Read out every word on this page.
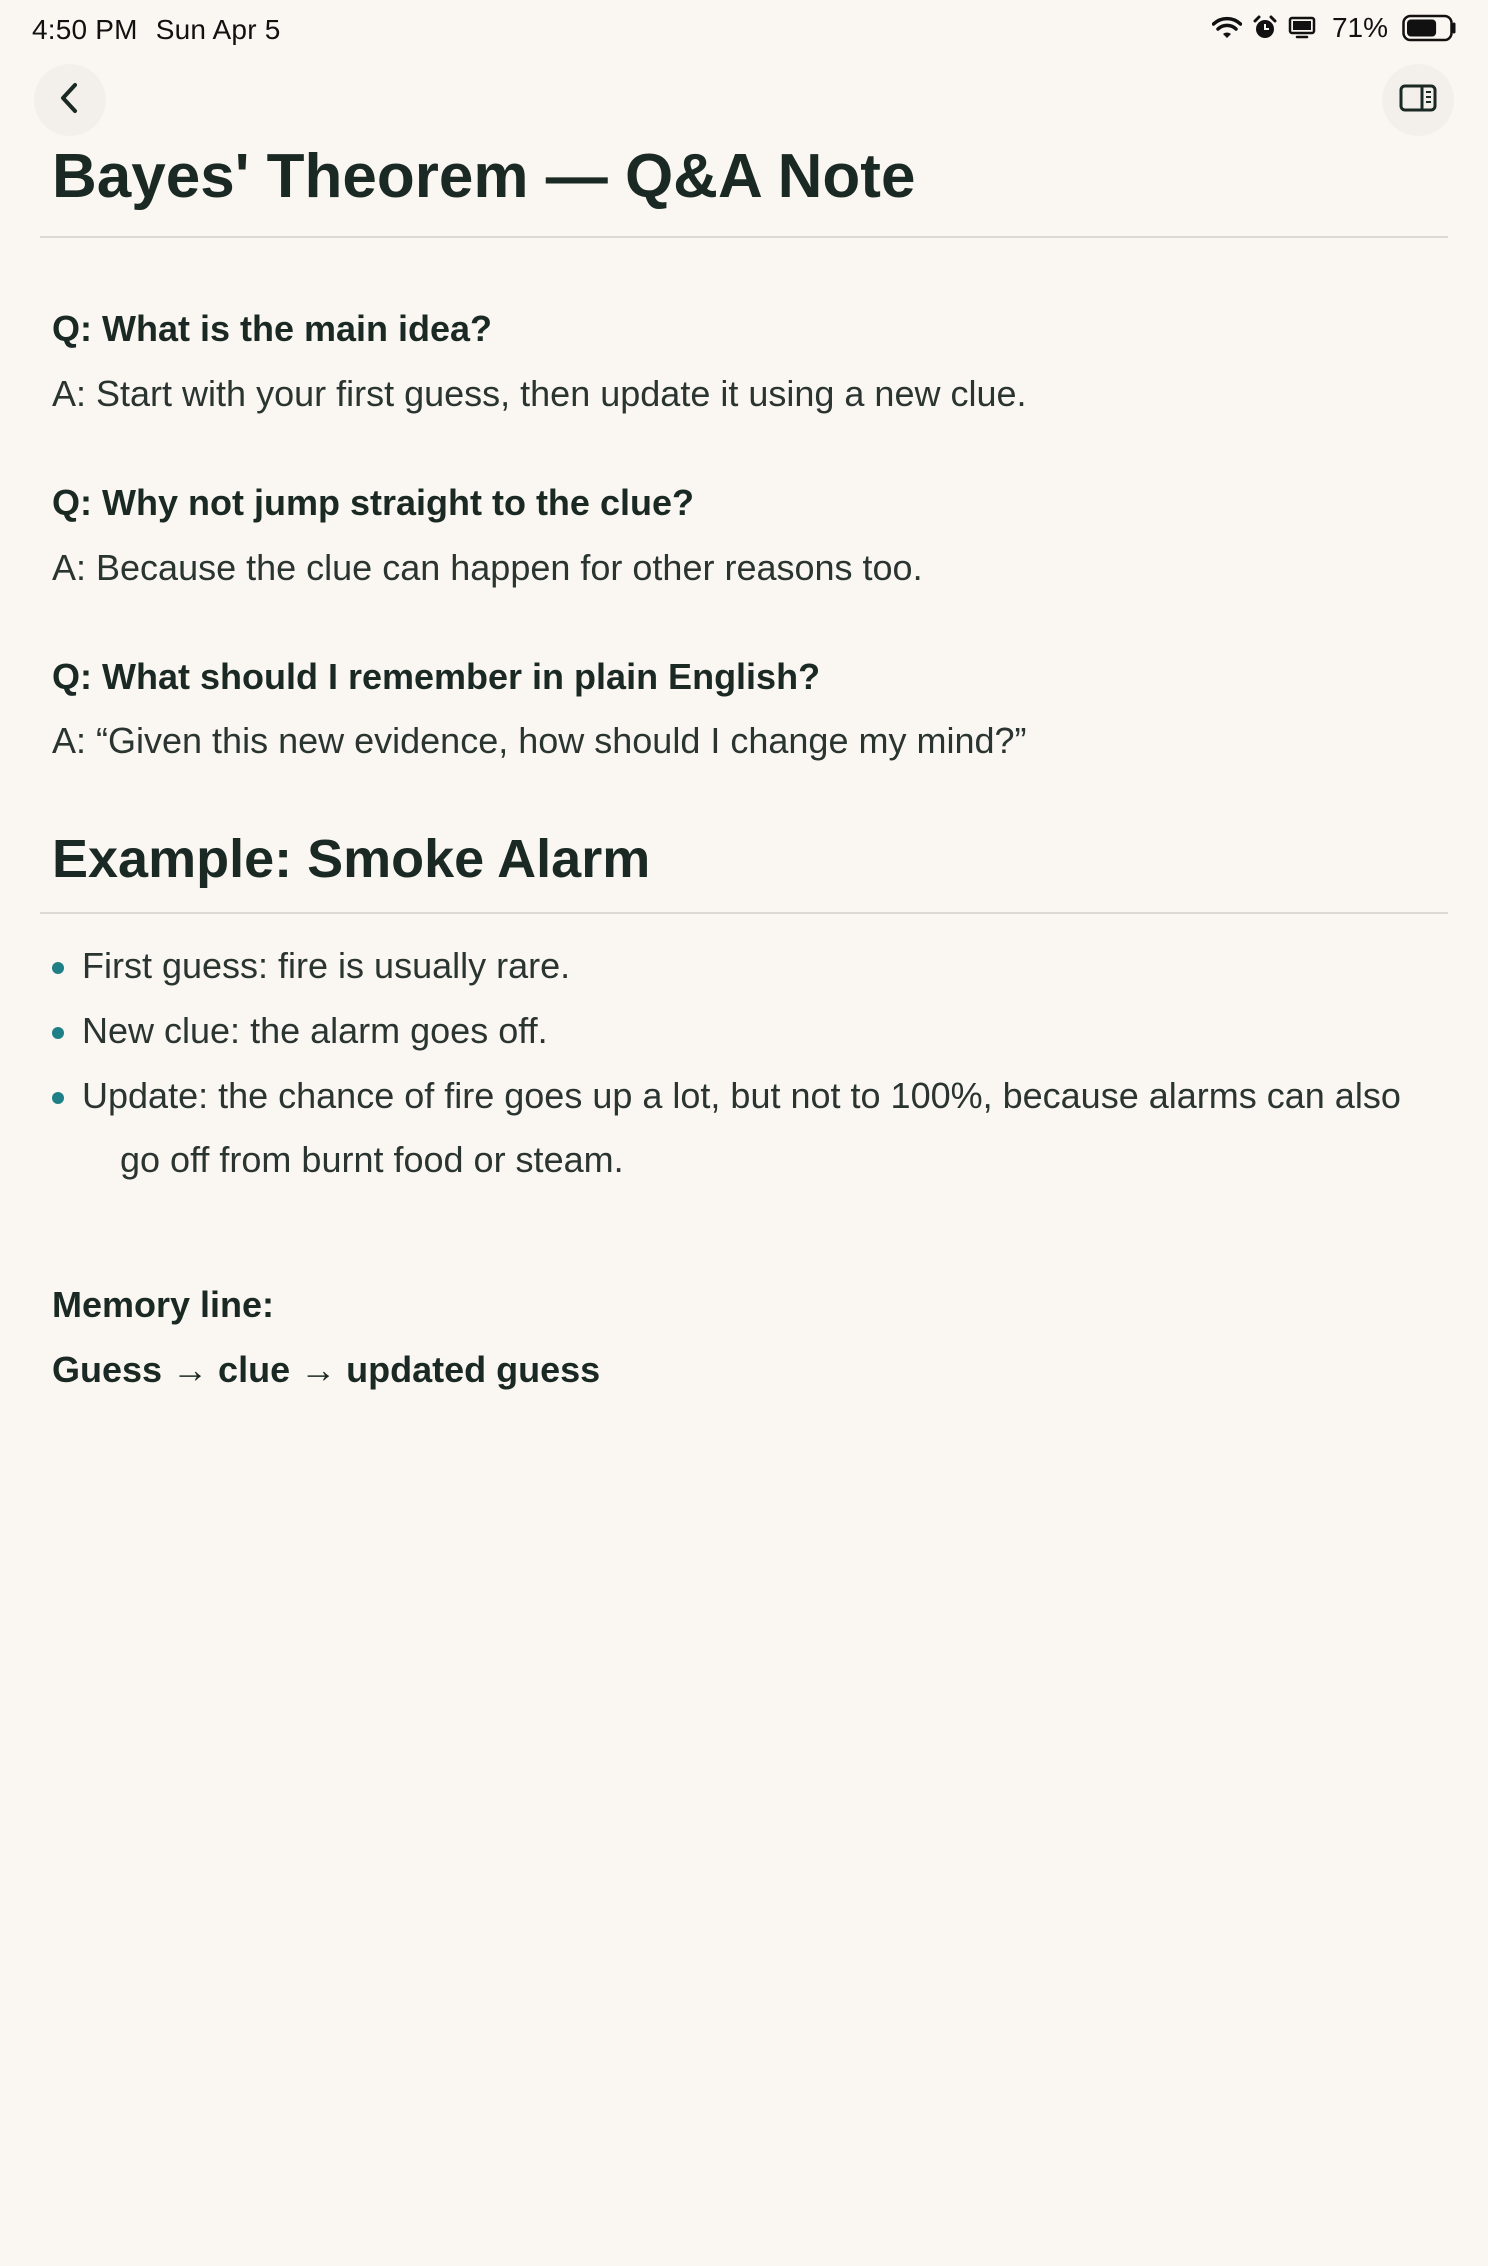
4:50 PM Sun Apr 5	71%
Bayes' Theorem — Q&A Note
Q: What is the main idea?
A: Start with your first guess, then update it using a new clue.
Q: Why not jump straight to the clue?
A: Because the clue can happen for other reasons too.
Q: What should I remember in plain English?
A: “Given this new evidence, how should I change my mind?”
Example: Smoke Alarm
First guess: fire is usually rare.
New clue: the alarm goes off.
Update: the chance of fire goes up a lot, but not to 100%, because alarms can also
go off from burnt food or steam.
Memory line:
Guess → clue → updated guess
